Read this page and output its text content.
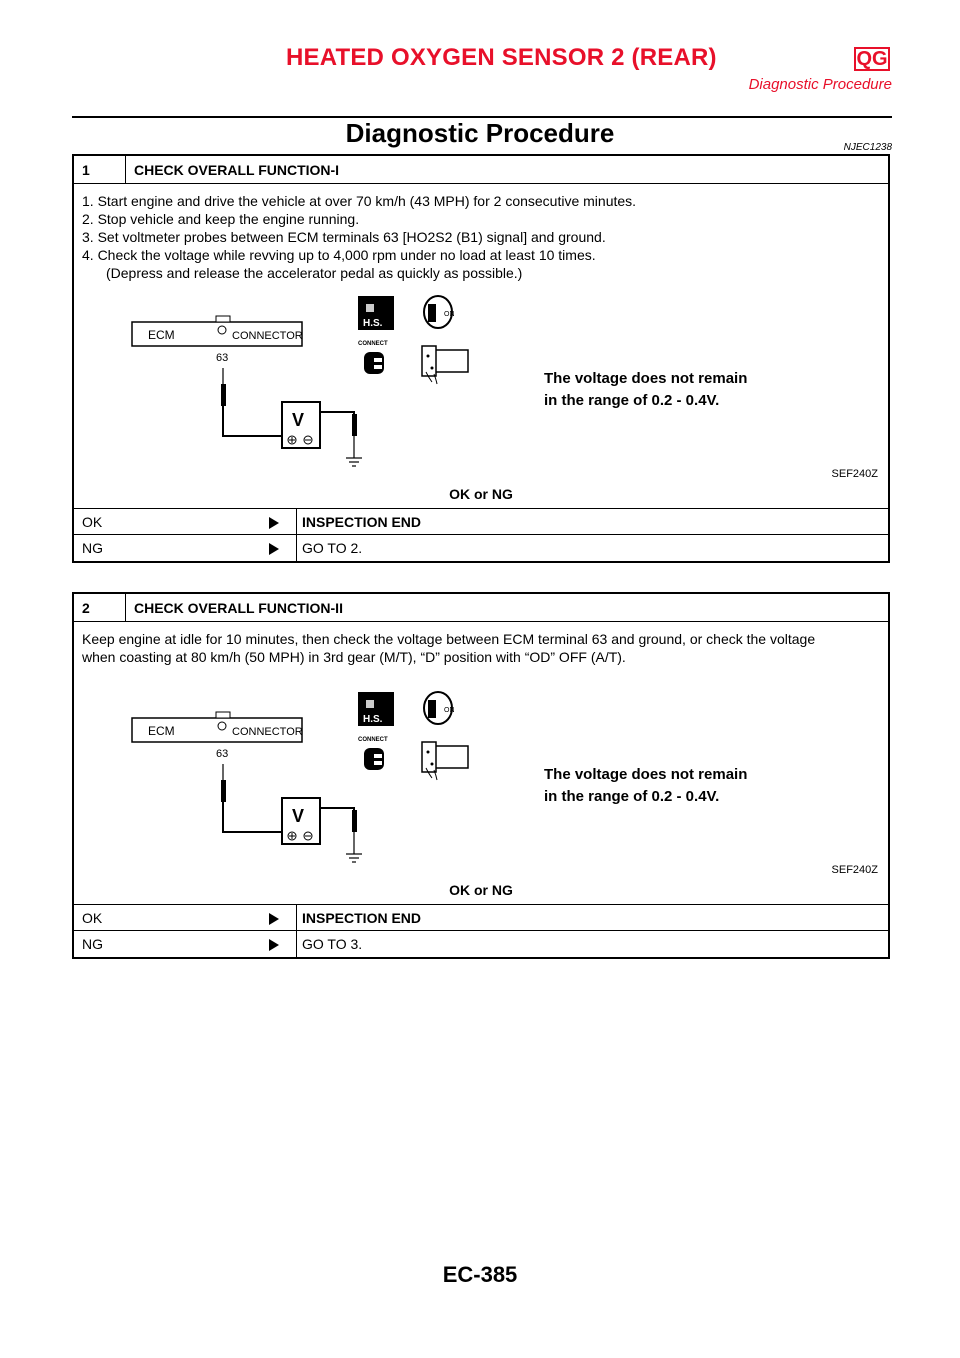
HEATED OXYGEN SENSOR 2 (REAR)	QG
Diagnostic Procedure
Diagnostic Procedure	NJEC1238
1	CHECK OVERALL FUNCTION-I
1. Start engine and drive the vehicle at over 70 km/h (43 MPH) for 2 consecutive minutes.
2. Stop vehicle and keep the engine running.
3. Set voltmeter probes between ECM terminals 63 [HO2S2 (B1) signal] and ground.
4. Check the voltage while revving up to 4,000 rpm under no load at least 10 times.
(Depress and release the accelerator pedal as quickly as possible.)
ECM	CONNECTOR
63
V
H.S.
CONNECT
ON
The voltage does not remain
in the range of 0.2 - 0.4V.
SEF240Z
OK or NG
OK	INSPECTION END
NG	GO TO 2.
2	CHECK OVERALL FUNCTION-II
Keep engine at idle for 10 minutes, then check the voltage between ECM terminal 63 and ground, or check the voltage
when coasting at 80 km/h (50 MPH) in 3rd gear (M/T), “D” position with “OD” OFF (A/T).
ECM	CONNECTOR
63
V
H.S.
CONNECT
ON
The voltage does not remain
in the range of 0.2 - 0.4V.
SEF240Z
OK or NG
OK	INSPECTION END
NG	GO TO 3.
EC-385
